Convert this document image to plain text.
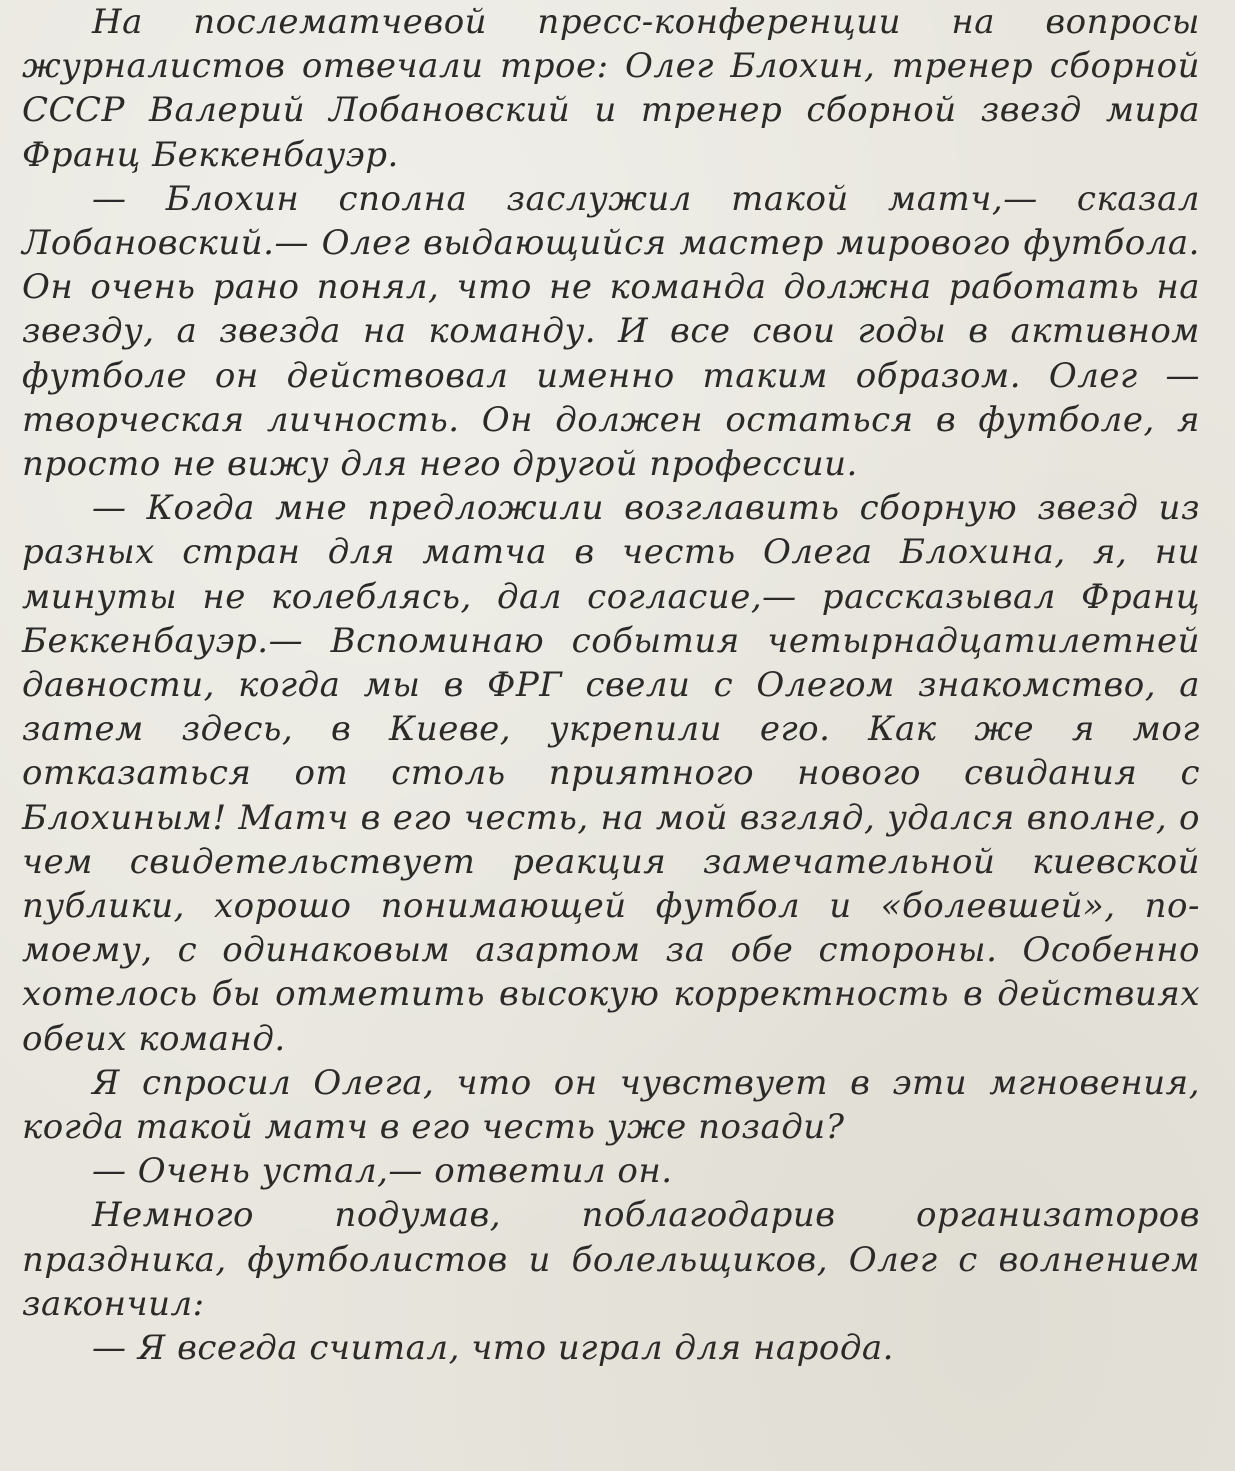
На послематчевой пресс-конференции на вопросы журналистов отвечали трое: Олег Блохин, тренер сборной СССР Валерий Лобановский и тренер сборной звезд мира Франц Беккенбауэр.

— Блохин сполна заслужил такой матч,— сказал Лобановский.— Олег выдающийся мастер мирового футбола. Он очень рано понял, что не команда должна работать на звезду, а звезда на команду. И все свои годы в активном футболе он действовал именно таким образом. Олег — творческая личность. Он должен остаться в футболе, я просто не вижу для него другой профессии.

— Когда мне предложили возглавить сборную звезд из разных стран для матча в честь Олега Блохина, я, ни минуты не колеблясь, дал согласие,— рассказывал Франц Беккенбауэр.— Вспоминаю события четырнадцатилетней давности, когда мы в ФРГ свели с Олегом знакомство, а затем здесь, в Киеве, укрепили его. Как же я мог отказаться от столь приятного нового свидания с Блохиным! Матч в его честь, на мой взгляд, удался вполне, о чем свидетельствует реакция замечательной киевской публики, хорошо понимающей футбол и «болевшей», по-моему, с одинаковым азартом за обе стороны. Особенно хотелось бы отметить высокую корректность в действиях обеих команд.

Я спросил Олега, что он чувствует в эти мгновения, когда такой матч в его честь уже позади?

— Очень устал,— ответил он.

Немного подумав, поблагодарив организаторов праздника, футболистов и болельщиков, Олег с волнением закончил:

— Я всегда считал, что играл для народа.
